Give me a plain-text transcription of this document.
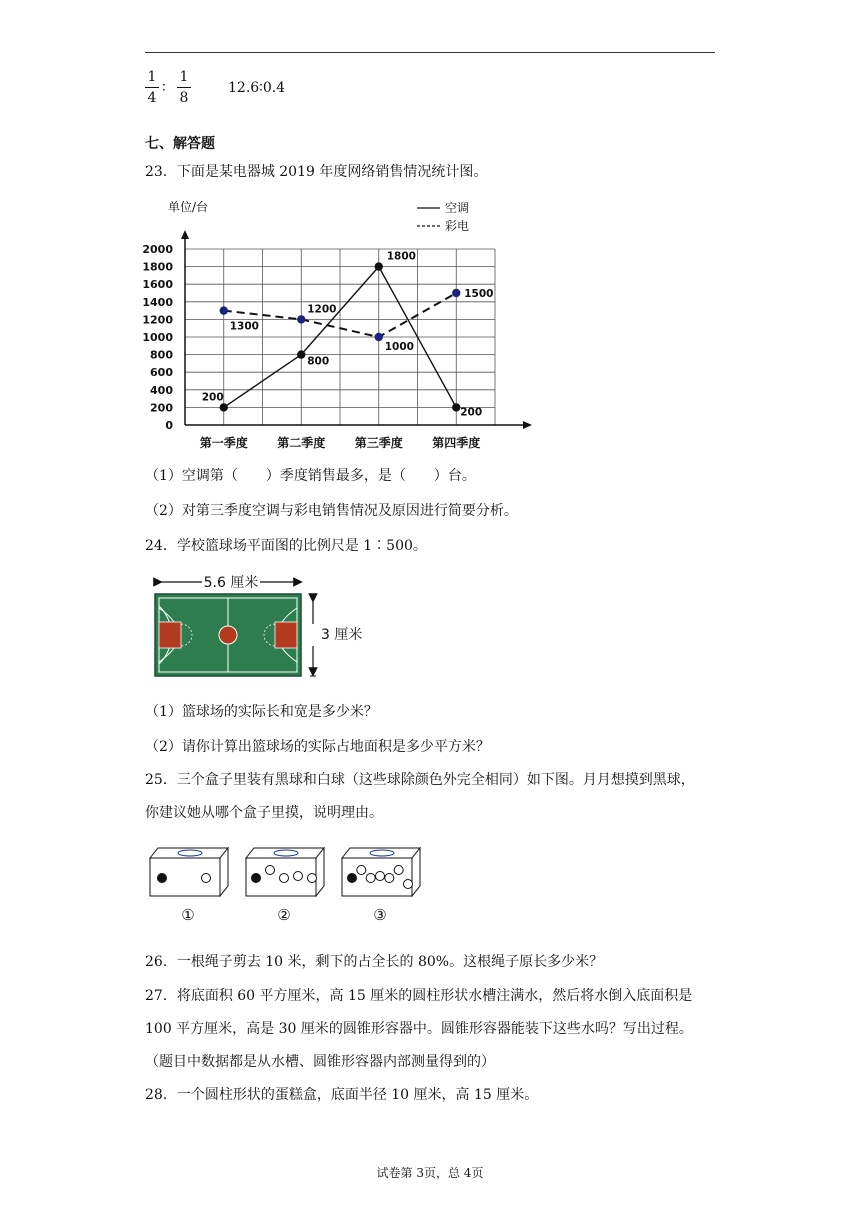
1
4
∶
1
8
12.6∶0.4
七、解答题
23．下面是某电器城 2019 年度网络销售情况统计图。
0
200
400
600
800
1000
1200
1400
1600
1800
2000
单位/台
第一季度 第二季度 第三季度 第四季度
空调
彩电
200
800
1800
200
1300
1200
1000
1500
（1）空调第（　　）季度销售最多，是（　　）台。
（2）对第三季度空调与彩电销售情况及原因进行简要分析。
24．学校篮球场平面图的比例尺是 1∶500。
5.6 厘米
3 厘米
（1）篮球场的实际长和宽是多少米？
（2）请你计算出篮球场的实际占地面积是多少平方米？
25．三个盒子里装有黑球和白球（这些球除颜色外完全相同）如下图。月月想摸到黑球，
你建议她从哪个盒子里摸，说明理由。
①	②	③
26．一根绳子剪去 10 米，剩下的占全长的 80%。这根绳子原长多少米？
27．将底面积 60 平方厘米，高 15 厘米的圆柱形状水槽注满水，然后将水倒入底面积是
100 平方厘米，高是 30 厘米的圆锥形容器中。圆锥形容器能装下这些水吗？写出过程。
（题目中数据都是从水槽、圆锥形容器内部测量得到的）
28．一个圆柱形状的蛋糕盒，底面半径 10 厘米，高 15 厘米。
试卷第 3页，总 4页
